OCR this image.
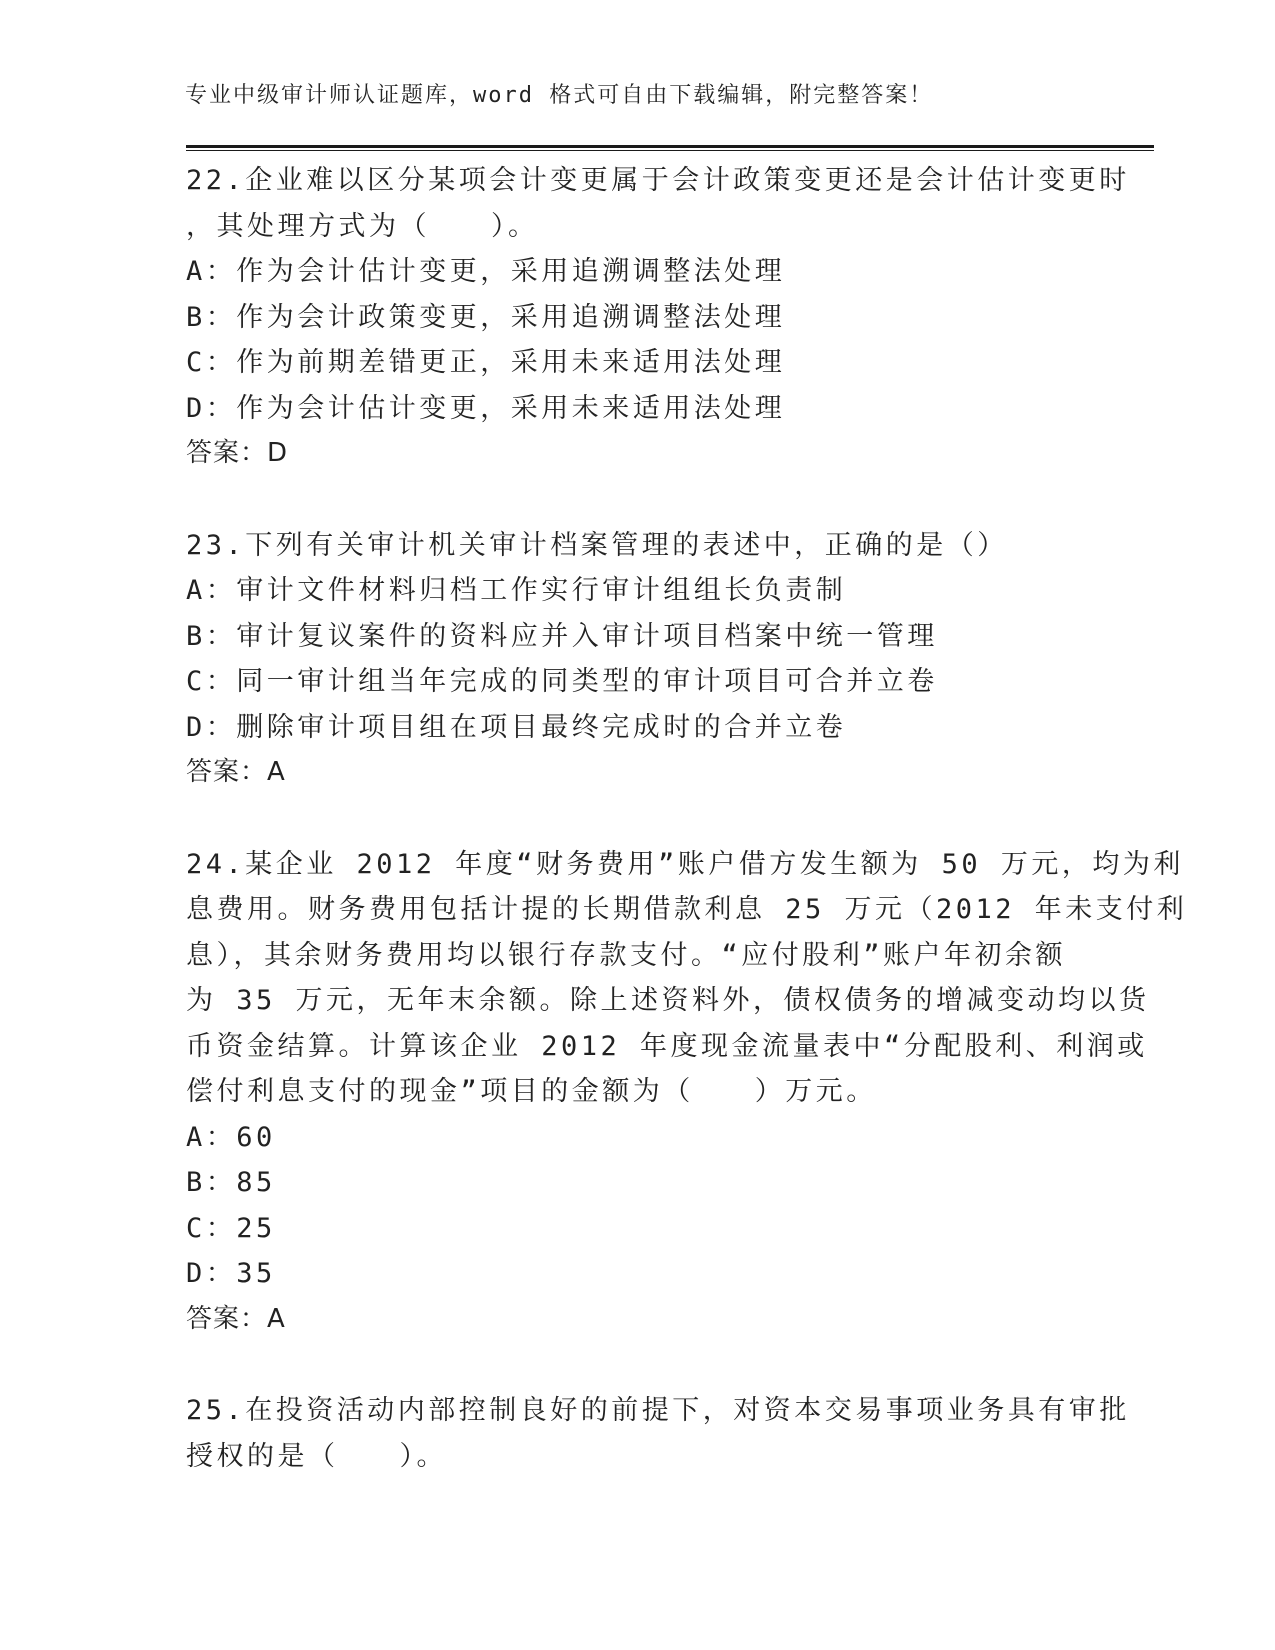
专业中级审计师认证题库，word 格式可自由下载编辑，附完整答案！
22.企业难以区分某项会计变更属于会计政策变更还是会计估计变更时
，其处理方式为（　　）。
A：作为会计估计变更，采用追溯调整法处理
B：作为会计政策变更，采用追溯调整法处理
C：作为前期差错更正，采用未来适用法处理
D：作为会计估计变更，采用未来适用法处理
答案：D
23.下列有关审计机关审计档案管理的表述中，正确的是（）
A：审计文件材料归档工作实行审计组组长负责制
B：审计复议案件的资料应并入审计项目档案中统一管理
C：同一审计组当年完成的同类型的审计项目可合并立卷
D：删除审计项目组在项目最终完成时的合并立卷
答案：A
24.某企业 2012 年度“财务费用”账户借方发生额为 50 万元，均为利
息费用。财务费用包括计提的长期借款利息 25 万元（2012 年未支付利
息），其余财务费用均以银行存款支付。“应付股利”账户年初余额
为 35 万元，无年末余额。除上述资料外，债权债务的增减变动均以货
币资金结算。计算该企业 2012 年度现金流量表中“分配股利、利润或
偿付利息支付的现金”项目的金额为（　　）万元。
A：60
B：85
C：25
D：35
答案：A
25.在投资活动内部控制良好的前提下，对资本交易事项业务具有审批
授权的是（　　）。
